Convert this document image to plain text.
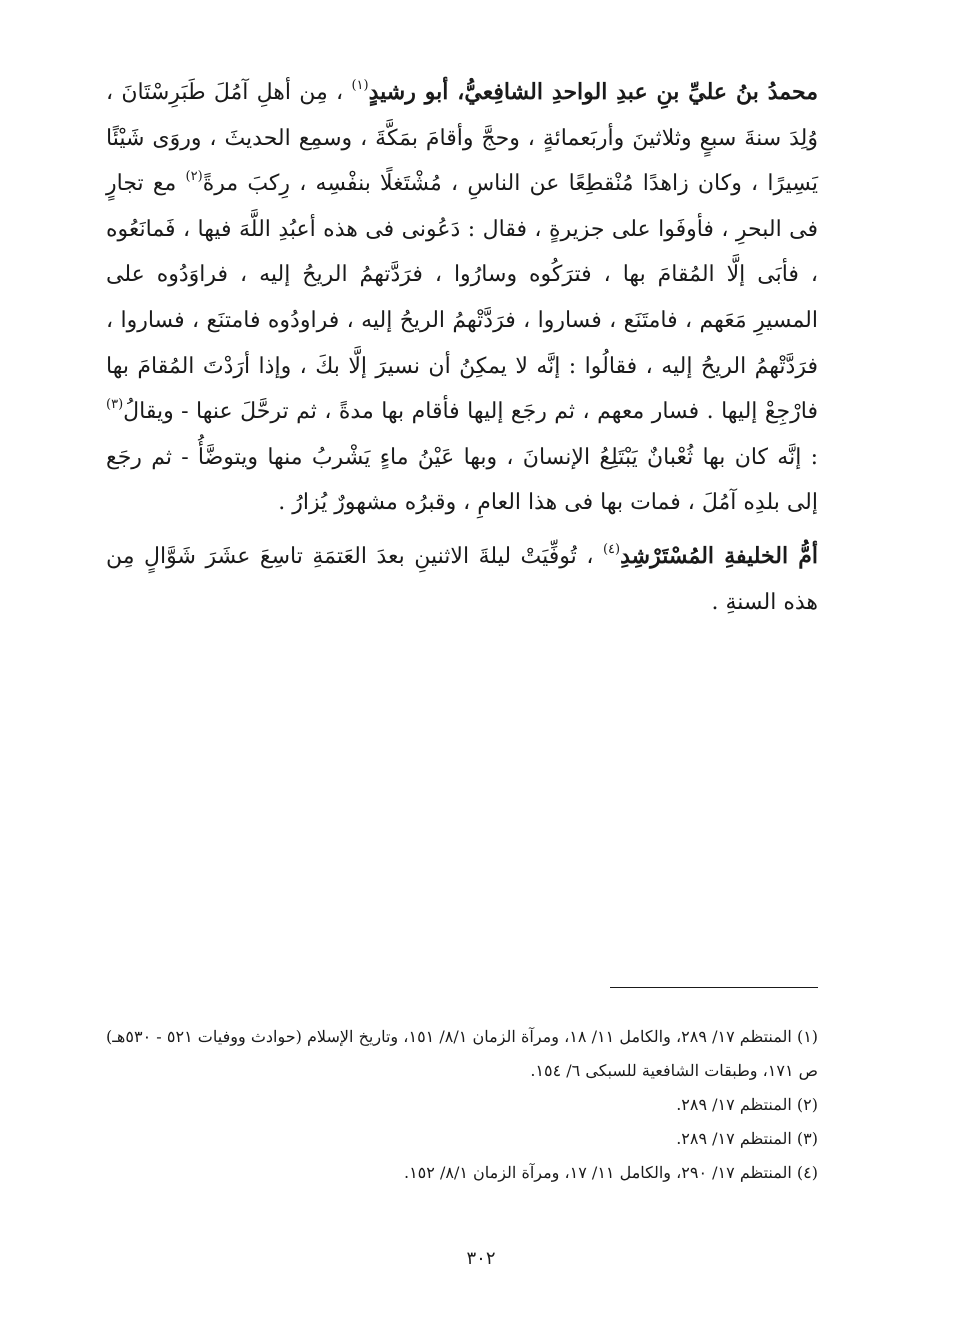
محمدُ بنُ عليِّ بنِ عبدِ الواحدِ الشافِعيُّ، أبو رشيدٍ$^{(١)}$ ، مِن أهلِ آمُلَ طَبَرِسْتَانَ ، وُلِدَ سنةَ سبعٍ وثلاثينَ وأربَعمائةٍ ، وحجَّ وأقامَ بمَكَّةَ ، وسمِع الحديثَ ، وروَى شَيْئًا يَسِيرًا ، وكان زاهدًا مُنْقطِعًا عن الناسِ ، مُشْتَغلًا بنفْسِه ، رِكبَ مرةً$^{(٢)}$ مع تجارٍ فى البحرِ ، فأوفَوا على جزيرةٍ ، فقال : دَعُونى فى هذه أعبُدِ اللَّهَ فيها ، فَمانَعُوه ، فأبَى إلَّا المُقامَ بها ، فترَكُوه وسارُوا ، فرَدَّتهمُ الريحُ إليه ، فراوَدُوه على المسيرِ مَعَهم ، فامتَنَع ، فساروا ، فرَدَّتْهمُ الريحُ إليه ، فراودُوه فامتنَع ، فساروا ، فرَدَّتْهمُ الريحُ إليه ، فقالُوا : إنَّه لا يمكِنُ أن نسيرَ إلَّا بكَ ، وإذا أرَدْتَ المُقامَ بها فارْجِعْ إليها . فسار معهم ، ثم رجَع إليها فأقام بها مدةً ، ثم ترحَّلَ عنها - ويقالُ$^{(٣)}$ : إنَّه كان بها ثُعْبانٌ يَبْتَلِعُ الإنسانَ ، وبها عَيْنُ ماءٍ يَشْربُ منها ويتوضَّأُ - ثم رجَع إلى بلدِه آمُلَ ، فمات بها فى هذا العامِ ، وقبرُه مشهورٌ يُزارُ .

أمُّ الخليفةِ المُسْتَرْشِدِ$^{(٤)}$ ، تُوفِّيَتْ ليلةَ الاثنينِ بعدَ العَتمَةِ تاسِعَ عشَرَ شَوَّالٍ مِن هذه السنةِ .

(١) المنتظم ١٧/ ٢٨٩، والكامل ١١/ ١٨، ومرآة الزمان ٨/١/ ١٥١، وتاريخ الإسلام (حوادث ووفيات ٥٢١ - ٥٣٠هـ) ص ١٧١، وطبقات الشافعية للسبكى ٦/ ١٥٤.

(٢) المنتظم ١٧/ ٢٨٩.

(٣) المنتظم ١٧/ ٢٨٩.

(٤) المنتظم ١٧/ ٢٩٠، والكامل ١١/ ١٧، ومرآة الزمان ٨/١/ ١٥٢.

٣٠٢
